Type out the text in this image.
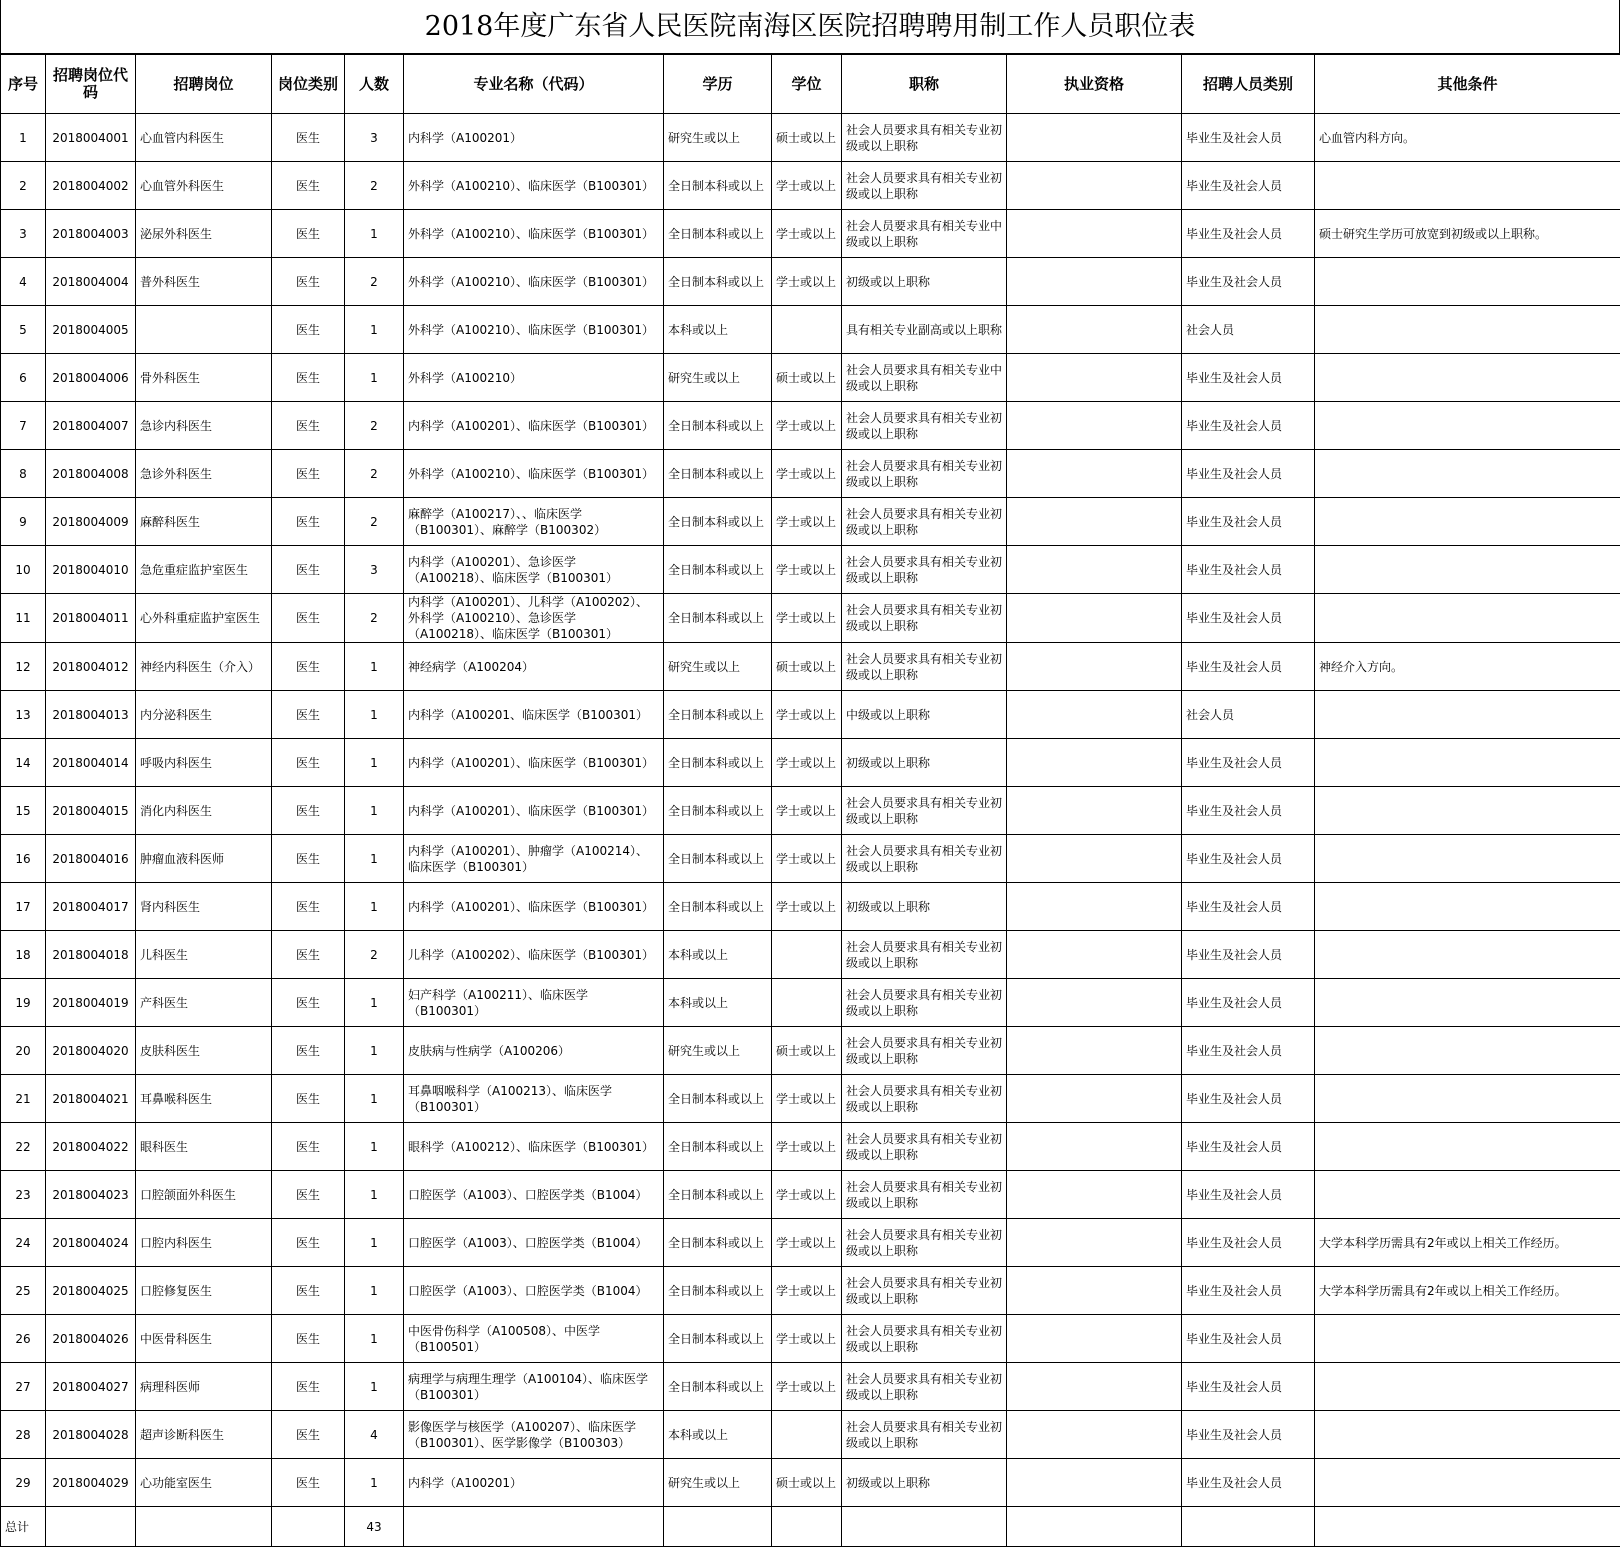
2018年度广东省人民医院南海区医院招聘聘用制工作人员职位表
序号	招聘岗位代码	招聘岗位	岗位类别	人数	专业名称（代码）	学历	学位	职称	执业资格	招聘人员类别	其他条件
1	2018004001	心血管内科医生	医生	3	内科学（A100201）	研究生或以上	硕士或以上	社会人员要求具有相关专业初级或以上职称		毕业生及社会人员	心血管内科方向。
2	2018004002	心血管外科医生	医生	2	外科学（A100210）、临床医学（B100301）	全日制本科或以上	学士或以上	社会人员要求具有相关专业初级或以上职称		毕业生及社会人员	
3	2018004003	泌尿外科医生	医生	1	外科学（A100210）、临床医学（B100301）	全日制本科或以上	学士或以上	社会人员要求具有相关专业中级或以上职称		毕业生及社会人员	硕士研究生学历可放宽到初级或以上职称。
4	2018004004	普外科医生	医生	2	外科学（A100210）、临床医学（B100301）	全日制本科或以上	学士或以上	初级或以上职称		毕业生及社会人员	
5	2018004005		医生	1	外科学（A100210）、临床医学（B100301）	本科或以上		具有相关专业副高或以上职称		社会人员	
6	2018004006	骨外科医生	医生	1	外科学（A100210）	研究生或以上	硕士或以上	社会人员要求具有相关专业中级或以上职称		毕业生及社会人员	
7	2018004007	急诊内科医生	医生	2	内科学（A100201）、临床医学（B100301）	全日制本科或以上	学士或以上	社会人员要求具有相关专业初级或以上职称		毕业生及社会人员	
8	2018004008	急诊外科医生	医生	2	外科学（A100210）、临床医学（B100301）	全日制本科或以上	学士或以上	社会人员要求具有相关专业初级或以上职称		毕业生及社会人员	
9	2018004009	麻醉科医生	医生	2	麻醉学（A100217）、、临床医学（B100301）、麻醉学（B100302）	全日制本科或以上	学士或以上	社会人员要求具有相关专业初级或以上职称		毕业生及社会人员	
10	2018004010	急危重症监护室医生	医生	3	内科学（A100201）、急诊医学（A100218）、临床医学（B100301）	全日制本科或以上	学士或以上	社会人员要求具有相关专业初级或以上职称		毕业生及社会人员	
11	2018004011	心外科重症监护室医生	医生	2	内科学（A100201）、儿科学（A100202）、外科学（A100210）、急诊医学（A100218）、临床医学（B100301）	全日制本科或以上	学士或以上	社会人员要求具有相关专业初级或以上职称		毕业生及社会人员	
12	2018004012	神经内科医生（介入）	医生	1	神经病学（A100204）	研究生或以上	硕士或以上	社会人员要求具有相关专业初级或以上职称		毕业生及社会人员	神经介入方向。
13	2018004013	内分泌科医生	医生	1	内科学（A100201、临床医学（B100301）	全日制本科或以上	学士或以上	中级或以上职称		社会人员	
14	2018004014	呼吸内科医生	医生	1	内科学（A100201）、临床医学（B100301）	全日制本科或以上	学士或以上	初级或以上职称		毕业生及社会人员	
15	2018004015	消化内科医生	医生	1	内科学（A100201）、临床医学（B100301）	全日制本科或以上	学士或以上	社会人员要求具有相关专业初级或以上职称		毕业生及社会人员	
16	2018004016	肿瘤血液科医师	医生	1	内科学（A100201）、肿瘤学（A100214）、临床医学（B100301）	全日制本科或以上	学士或以上	社会人员要求具有相关专业初级或以上职称		毕业生及社会人员	
17	2018004017	肾内科医生	医生	1	内科学（A100201）、临床医学（B100301）	全日制本科或以上	学士或以上	初级或以上职称		毕业生及社会人员	
18	2018004018	儿科医生	医生	2	儿科学（A100202）、临床医学（B100301）	本科或以上		社会人员要求具有相关专业初级或以上职称		毕业生及社会人员	
19	2018004019	产科医生	医生	1	妇产科学（A100211）、临床医学（B100301）	本科或以上		社会人员要求具有相关专业初级或以上职称		毕业生及社会人员	
20	2018004020	皮肤科医生	医生	1	皮肤病与性病学（A100206）	研究生或以上	硕士或以上	社会人员要求具有相关专业初级或以上职称		毕业生及社会人员	
21	2018004021	耳鼻喉科医生	医生	1	耳鼻咽喉科学（A100213）、临床医学（B100301）	全日制本科或以上	学士或以上	社会人员要求具有相关专业初级或以上职称		毕业生及社会人员	
22	2018004022	眼科医生	医生	1	眼科学（A100212）、临床医学（B100301）	全日制本科或以上	学士或以上	社会人员要求具有相关专业初级或以上职称		毕业生及社会人员	
23	2018004023	口腔颌面外科医生	医生	1	口腔医学（A1003）、口腔医学类（B1004）	全日制本科或以上	学士或以上	社会人员要求具有相关专业初级或以上职称		毕业生及社会人员	
24	2018004024	口腔内科医生	医生	1	口腔医学（A1003）、口腔医学类（B1004）	全日制本科或以上	学士或以上	社会人员要求具有相关专业初级或以上职称		毕业生及社会人员	大学本科学历需具有2年或以上相关工作经历。
25	2018004025	口腔修复医生	医生	1	口腔医学（A1003）、口腔医学类（B1004）	全日制本科或以上	学士或以上	社会人员要求具有相关专业初级或以上职称		毕业生及社会人员	大学本科学历需具有2年或以上相关工作经历。
26	2018004026	中医骨科医生	医生	1	中医骨伤科学（A100508）、中医学（B100501）	全日制本科或以上	学士或以上	社会人员要求具有相关专业初级或以上职称		毕业生及社会人员	
27	2018004027	病理科医师	医生	1	病理学与病理生理学（A100104）、临床医学（B100301）	全日制本科或以上	学士或以上	社会人员要求具有相关专业初级或以上职称		毕业生及社会人员	
28	2018004028	超声诊断科医生	医生	4	影像医学与核医学（A100207）、临床医学（B100301）、医学影像学（B100303）	本科或以上		社会人员要求具有相关专业初级或以上职称		毕业生及社会人员	
29	2018004029	心功能室医生	医生	1	内科学（A100201）	研究生或以上	硕士或以上	初级或以上职称		毕业生及社会人员	
总计				43							
